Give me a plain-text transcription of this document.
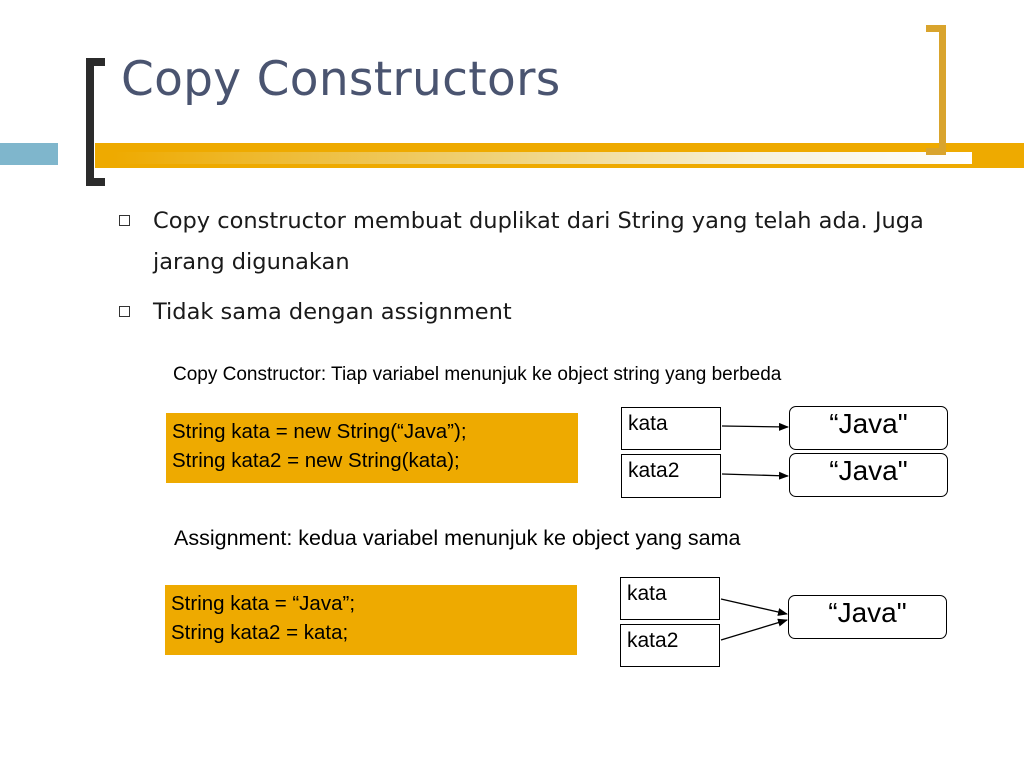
Copy Constructors
Copy constructor membuat duplikat dari String yang telah ada. Juga jarang digunakan
Tidak sama dengan assignment
Copy Constructor: Tiap variabel menunjuk ke object string yang berbeda
String kata = new String(“Java”);
String kata2 = new String(kata);
kata
kata2
“Java"
“Java"
Assignment: kedua variabel menunjuk ke object yang sama
String kata = “Java”;
String kata2 = kata;
kata
kata2
“Java"
